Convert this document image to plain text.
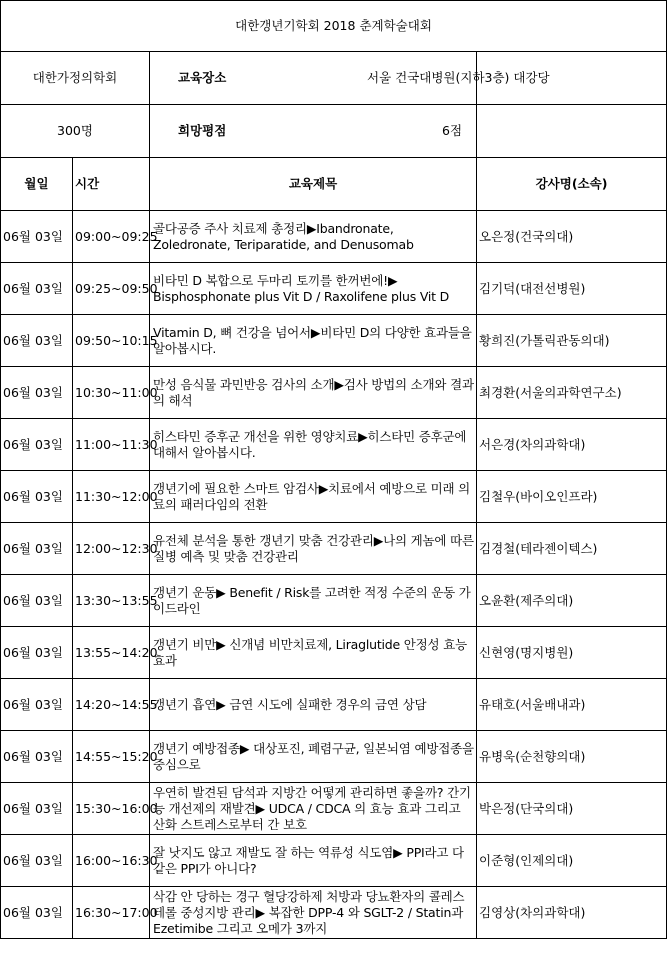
대한갱년기학회 2018 춘계학술대회			
대한가정의학회		교육장소	서울 건국대병원(지하3층) 대강당

300명		희망평점	6점

월일	시간	교육제목	강사명(소속)
06월 03일	09:00~09:25	골다공증 주사 치료제 총정리▶Ibandronate, Zoledronate, Teriparatide, and Denusomab	오은정(건국의대)
06월 03일	09:25~09:50	비타민 D 복합으로 두마리 토끼를 한꺼번에!▶ Bisphosphonate plus Vit D / Raxolifene plus Vit D	김기덕(대전선병원)
06월 03일	09:50~10:15	Vitamin D, 뼈 건강을 넘어서▶비타민 D의 다양한 효과들을 알아봅시다.	황희진(가톨릭관동의대)
06월 03일	10:30~11:00	만성 음식물 과민반응 검사의 소개▶검사 방법의 소개와 결과의 해석	최경환(서울의과학연구소)
06월 03일	11:00~11:30	히스타민 증후군 개선을 위한 영양치료▶히스타민 증후군에 대해서 알아봅시다.	서은경(차의과학대)
06월 03일	11:30~12:00	갱년기에 필요한 스마트 암검사▶치료에서 예방으로 미래 의료의 패러다임의 전환	김철우(바이오인프라)
06월 03일	12:00~12:30	유전체 분석을 통한 갱년기 맞춤 건강관리▶나의 게놈에 따른 질병 예측 및 맞춤 건강관리	김경철(테라젠이텍스)
06월 03일	13:30~13:55	갱년기 운동▶ Benefit / Risk를 고려한 적정 수준의 운동 가이드라인	오윤환(제주의대)
06월 03일	13:55~14:20	갱년기 비만▶ 신개념 비만치료제, Liraglutide 안정성 효능 효과	신현영(명지병원)
06월 03일	14:20~14:55	갱년기 흡연▶ 금연 시도에 실패한 경우의 금연 상담	유태호(서울배내과)
06월 03일	14:55~15:20	갱년기 예방접종▶ 대상포진, 폐렴구균, 일본뇌염 예방접종을 중심으로	유병욱(순천향의대)
06월 03일	15:30~16:00	우연히 발견된 담석과 지방간 어떻게 관리하면 좋을까? 간기능 개선제의 재발견▶ UDCA / CDCA 의 효능 효과 그리고 산화 스트레스로부터 간 보호	박은정(단국의대)
06월 03일	16:00~16:30	잘 낫지도 않고 재발도 잘 하는 역류성 식도염▶ PPI라고 다 같은 PPI가 아니다?	이준형(인제의대)
06월 03일	16:30~17:00	삭감 안 당하는 경구 혈당강하제 처방과 당뇨환자의 콜레스테롤 중성지방 관리▶ 복잡한 DPP-4 와 SGLT-2 / Statin과 Ezetimibe 그리고 오메가 3까지	김영상(차의과학대)
